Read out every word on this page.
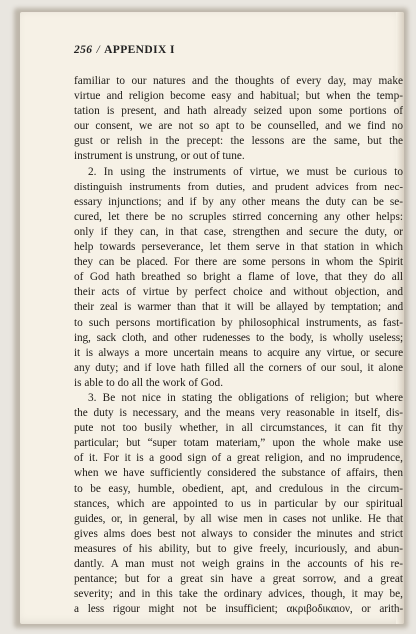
256 / APPENDIX I
familiar to our natures and the thoughts of every day, may make
virtue and religion become easy and habitual; but when the temp-
tation is present, and hath already seized upon some portions of
our consent, we are not so apt to be counselled, and we find no
gust or relish in the precept: the lessons are the same, but the
instrument is unstrung, or out of tune.
2. In using the instruments of virtue, we must be curious to
distinguish instruments from duties, and prudent advices from nec-
essary injunctions; and if by any other means the duty can be se-
cured, let there be no scruples stirred concerning any other helps:
only if they can, in that case, strengthen and secure the duty, or
help towards perseverance, let them serve in that station in which
they can be placed. For there are some persons in whom the Spirit
of God hath breathed so bright a flame of love, that they do all
their acts of virtue by perfect choice and without objection, and
their zeal is warmer than that it will be allayed by temptation; and
to such persons mortification by philosophical instruments, as fast-
ing, sack cloth, and other rudenesses to the body, is wholly useless;
it is always a more uncertain means to acquire any virtue, or secure
any duty; and if love hath filled all the corners of our soul, it alone
is able to do all the work of God.
3. Be not nice in stating the obligations of religion; but where
the duty is necessary, and the means very reasonable in itself, dis-
pute not too busily whether, in all circumstances, it can fit thy
particular; but “super totam materiam,” upon the whole make use
of it. For it is a good sign of a great religion, and no imprudence,
when we have sufficiently considered the substance of affairs, then
to be easy, humble, obedient, apt, and credulous in the circum-
stances, which are appointed to us in particular by our spiritual
guides, or, in general, by all wise men in cases not unlike. He that
gives alms does best not always to consider the minutes and strict
measures of his ability, but to give freely, incuriously, and abun-
dantly. A man must not weigh grains in the accounts of his re-
pentance; but for a great sin have a great sorrow, and a great
severity; and in this take the ordinary advices, though, it may be,
a less rigour might not be insufficient; ακριβοδικαιον, or arith-
